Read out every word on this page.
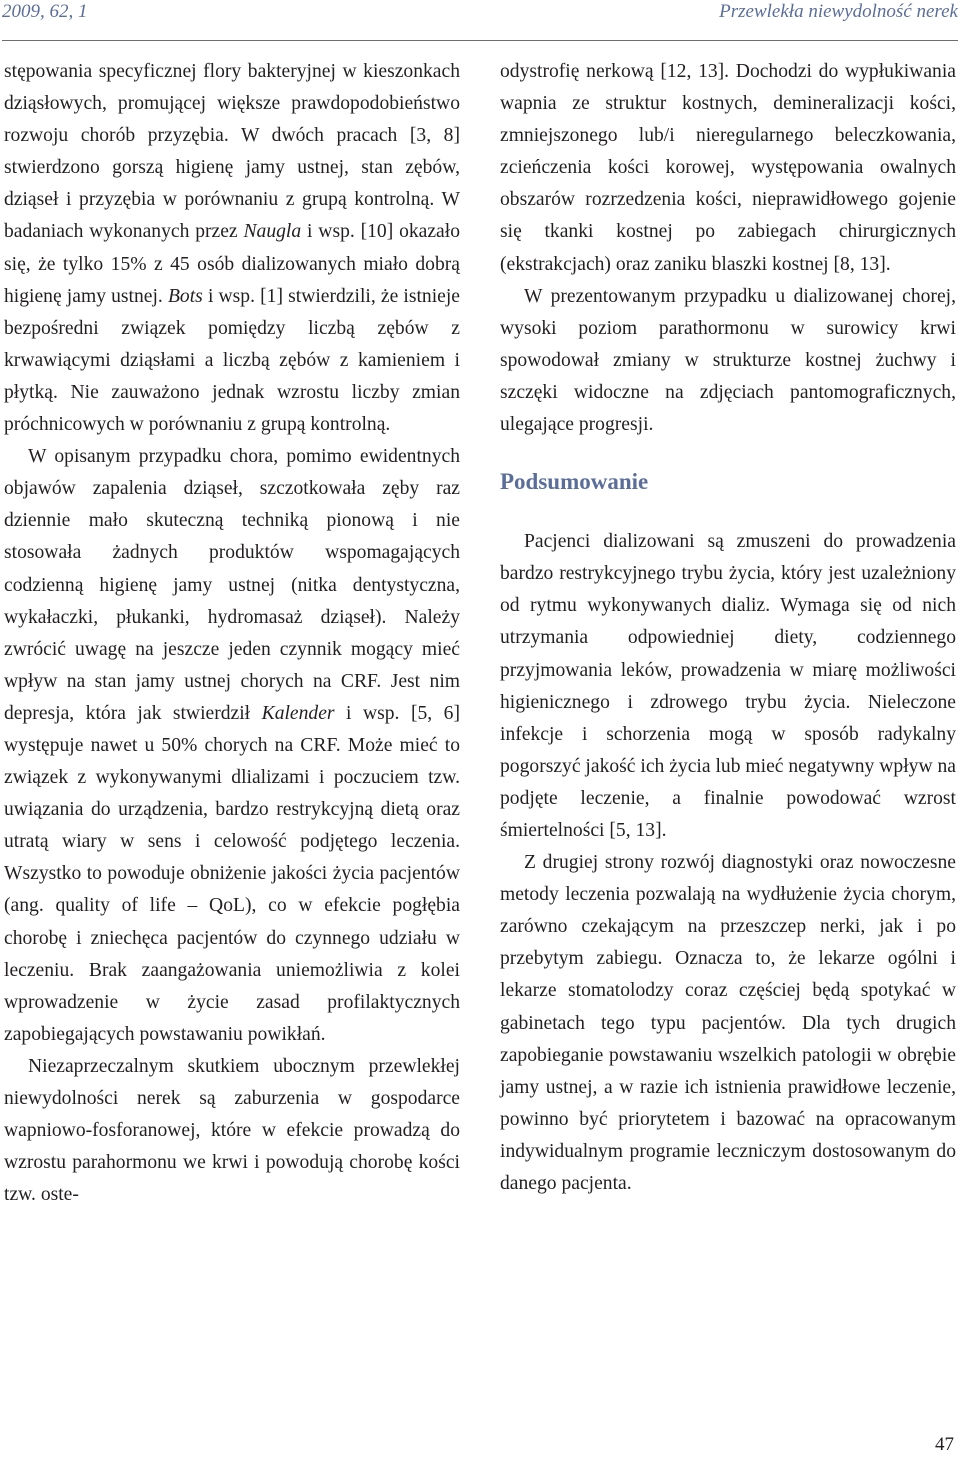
2009, 62, 1	Przewlekła niewydolność nerek

stępowania specyficznej flory bakteryjnej w kieszonkach dziąsłowych, promującej większe prawdopodobieństwo rozwoju chorób przyzębia. W dwóch pracach [3, 8] stwierdzono gorszą higienę jamy ustnej, stan zębów, dziąseł i przyzębia w porównaniu z grupą kontrolną. W badaniach wykonanych przez Naugla i wsp. [10] okazało się, że tylko 15% z 45 osób dializowanych miało dobrą higienę jamy ustnej. Bots i wsp. [1] stwierdzili, że istnieje bezpośredni związek pomiędzy liczbą zębów z krwawiącymi dziąsłami a liczbą zębów z kamieniem i płytką. Nie zauważono jednak wzrostu liczby zmian próchnicowych w porównaniu z grupą kontrolną.

W opisanym przypadku chora, pomimo ewidentnych objawów zapalenia dziąseł, szczotkowała zęby raz dziennie mało skuteczną techniką pionową i nie stosowała żadnych produktów wspomagających codzienną higienę jamy ustnej (nitka dentystyczna, wykałaczki, płukanki, hydromasaż dziąseł). Należy zwrócić uwagę na jeszcze jeden czynnik mogący mieć wpływ na stan jamy ustnej chorych na CRF. Jest nim depresja, która jak stwierdził Kalender i wsp. [5, 6] występuje nawet u 50% chorych na CRF. Może mieć to związek z wykonywanymi dlializami i poczuciem tzw. uwiązania do urządzenia, bardzo restrykcyjną dietą oraz utratą wiary w sens i celowość podjętego leczenia. Wszystko to powoduje obniżenie jakości życia pacjentów (ang. quality of life – QoL), co w efekcie pogłębia chorobę i zniechęca pacjentów do czynnego udziału w leczeniu. Brak zaangażowania uniemożliwia z kolei wprowadzenie w życie zasad profilaktycznych zapobiegających powstawaniu powikłań.

Niezaprzeczalnym skutkiem ubocznym przewlekłej niewydolności nerek są zaburzenia w gospodarce wapniowo-fosforanowej, które w efekcie prowadzą do wzrostu parahormonu we krwi i powodują chorobę kości tzw. oste-

odystrofię nerkową [12, 13]. Dochodzi do wypłukiwania wapnia ze struktur kostnych, demineralizacji kości, zmniejszonego lub/i nieregularnego beleczkowania, zcieńczenia kości korowej, występowania owalnych obszarów rozrzedzenia kości, nieprawidłowego gojenie się tkanki kostnej po zabiegach chirurgicznych (ekstrakcjach) oraz zaniku blaszki kostnej [8, 13].

W prezentowanym przypadku u dializowanej chorej, wysoki poziom parathormonu w surowicy krwi spowodował zmiany w strukturze kostnej żuchwy i szczęki widoczne na zdjęciach pantomograficznych, ulegające progresji.

Podsumowanie

Pacjenci dializowani są zmuszeni do prowadzenia bardzo restrykcyjnego trybu życia, który jest uzależniony od rytmu wykonywanych dializ. Wymaga się od nich utrzymania odpowiedniej diety, codziennego przyjmowania leków, prowadzenia w miarę możliwości higienicznego i zdrowego trybu życia. Nieleczone infekcje i schorzenia mogą w sposób radykalny pogorszyć jakość ich życia lub mieć negatywny wpływ na podjęte leczenie, a finalnie powodować wzrost śmiertelności [5, 13].

Z drugiej strony rozwój diagnostyki oraz nowoczesne metody leczenia pozwalają na wydłużenie życia chorym, zarówno czekającym na przeszczep nerki, jak i po przebytym zabiegu. Oznacza to, że lekarze ogólni i lekarze stomatolodzy coraz częściej będą spotykać w gabinetach tego typu pacjentów. Dla tych drugich zapobieganie powstawaniu wszelkich patologii w obrębie jamy ustnej, a w razie ich istnienia prawidłowe leczenie, powinno być priorytetem i bazować na opracowanym indywidualnym programie leczniczym dostosowanym do danego pacjenta.

47
